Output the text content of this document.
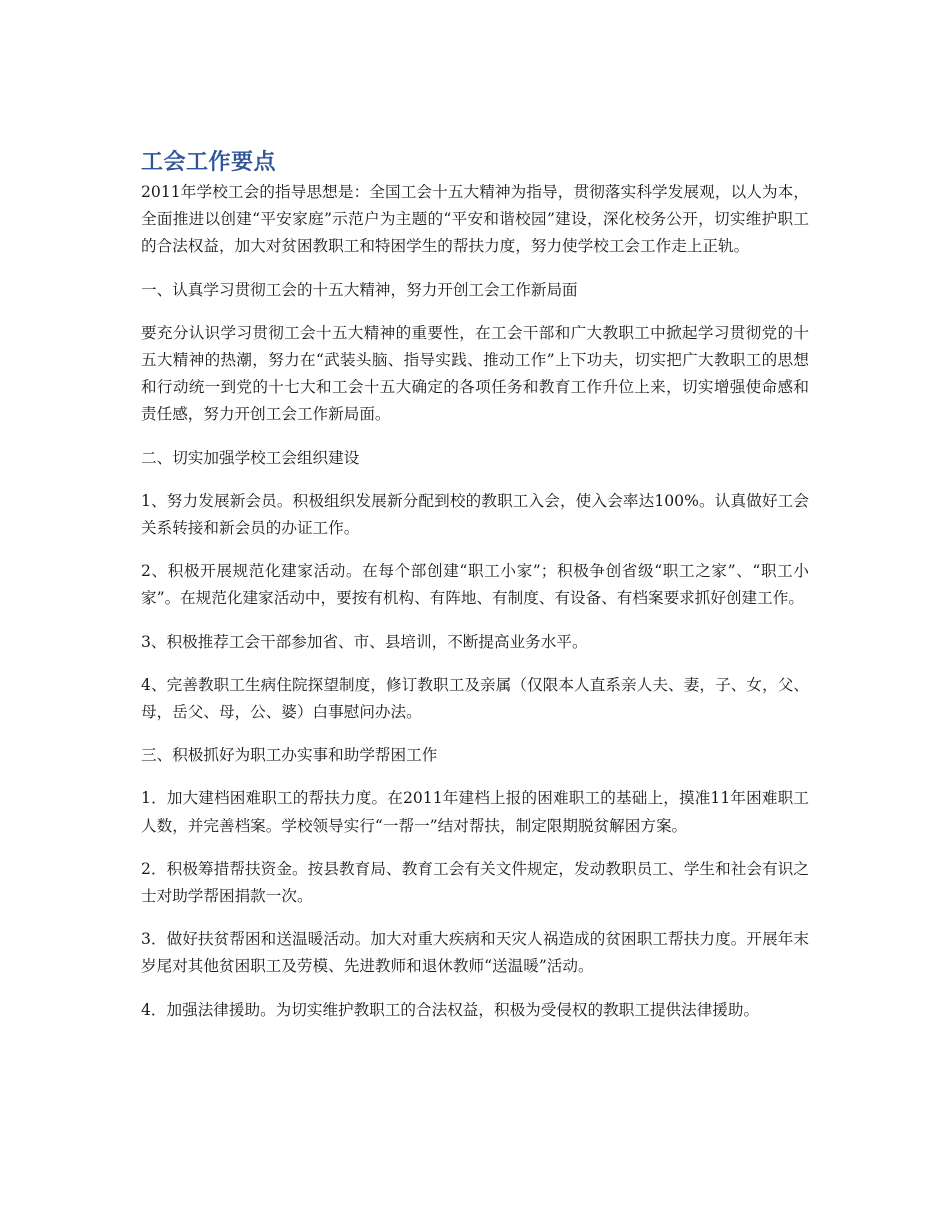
工会工作要点

2011年学校工会的指导思想是：全国工会十五大精神为指导，贯彻落实科学发展观，以人为本，全面推进以创建“平安家庭”示范户为主题的“平安和谐校园”建设，深化校务公开，切实维护职工的合法权益，加大对贫困教职工和特困学生的帮扶力度，努力使学校工会工作走上正轨。

一、认真学习贯彻工会的十五大精神，努力开创工会工作新局面

要充分认识学习贯彻工会十五大精神的重要性，在工会干部和广大教职工中掀起学习贯彻党的十五大精神的热潮，努力在“武装头脑、指导实践、推动工作”上下功夫，切实把广大教职工的思想和行动统一到党的十七大和工会十五大确定的各项任务和教育工作升位上来，切实增强使命感和责任感，努力开创工会工作新局面。

二、切实加强学校工会组织建设

1、努力发展新会员。积极组织发展新分配到校的教职工入会，使入会率达100%。认真做好工会关系转接和新会员的办证工作。

2、积极开展规范化建家活动。在每个部创建“职工小家”；积极争创省级“职工之家”、“职工小家”。在规范化建家活动中，要按有机构、有阵地、有制度、有设备、有档案要求抓好创建工作。

3、积极推荐工会干部参加省、市、县培训，不断提高业务水平。

4、完善教职工生病住院探望制度，修订教职工及亲属（仅限本人直系亲人夫、妻，子、女，父、母，岳父、母，公、婆）白事慰问办法。

三、积极抓好为职工办实事和助学帮困工作

1．加大建档困难职工的帮扶力度。在2011年建档上报的困难职工的基础上，摸准11年困难职工人数，并完善档案。学校领导实行“一帮一”结对帮扶，制定限期脱贫解困方案。

2．积极筹措帮扶资金。按县教育局、教育工会有关文件规定，发动教职员工、学生和社会有识之士对助学帮困捐款一次。

3．做好扶贫帮困和送温暖活动。加大对重大疾病和天灾人祸造成的贫困职工帮扶力度。开展年末岁尾对其他贫困职工及劳模、先进教师和退休教师“送温暖”活动。

4．加强法律援助。为切实维护教职工的合法权益，积极为受侵权的教职工提供法律援助。
